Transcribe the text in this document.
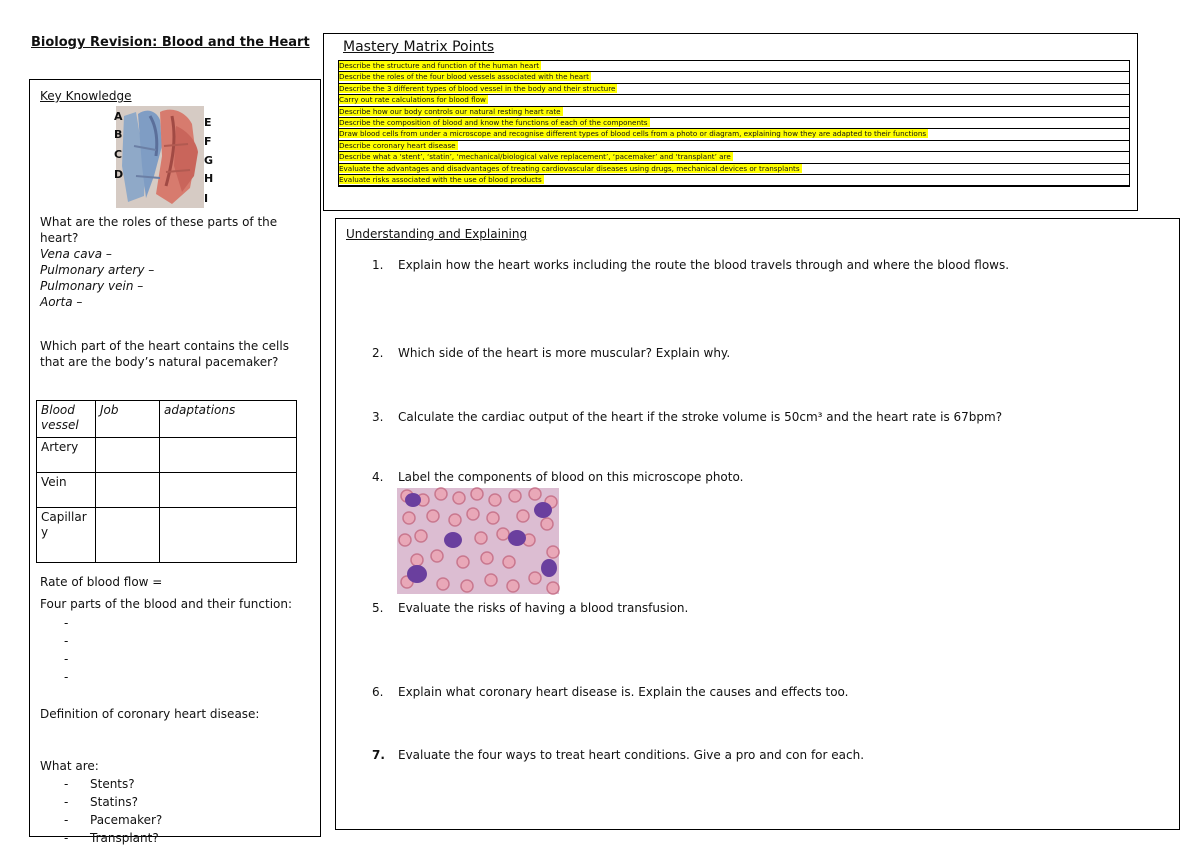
Biology Revision: Blood and the Heart
Key Knowledge
A
B
C
D
E
F
G
H
I
What are the roles of these parts of the heart?
Vena cava –
Pulmonary artery –
Pulmonary vein –
Aorta –
Which part of the heart contains the cells that are the body’s natural pacemaker?
Blood vessel	Job	adaptations
Artery		
Vein		
Capillary		
Rate of blood flow =
Four parts of the blood and their function:
-
-
-
-
Definition of coronary heart disease:
What are:
- Stents?
- Statins?
- Pacemaker?
- Transplant?
Mastery Matrix Points
Describe the structure and function of the human heart
Describe the roles of the four blood vessels associated with the heart
Describe the 3 different types of blood vessel in the body and their structure
Carry out rate calculations for blood flow
Describe how our body controls our natural resting heart rate
Describe the composition of blood and know the functions of each of the components
Draw blood cells from under a microscope and recognise different types of blood cells from a photo or diagram, explaining how they are adapted to their functions
Describe coronary heart disease
Describe what a ‘stent’, ‘statin’, ‘mechanical/biological valve replacement’, ‘pacemaker’ and ‘transplant’ are
Evaluate the advantages and disadvantages of treating cardiovascular diseases using drugs, mechanical devices or transplants
Evaluate risks associated with the use of blood products
Understanding and Explaining
1. Explain how the heart works including the route the blood travels through and where the blood flows.
2. Which side of the heart is more muscular? Explain why.
3. Calculate the cardiac output of the heart if the stroke volume is 50cm³ and the heart rate is 67bpm?
4. Label the components of blood on this microscope photo.
5. Evaluate the risks of having a blood transfusion.
6. Explain what coronary heart disease is. Explain the causes and effects too.
7. Evaluate the four ways to treat heart conditions. Give a pro and con for each.
